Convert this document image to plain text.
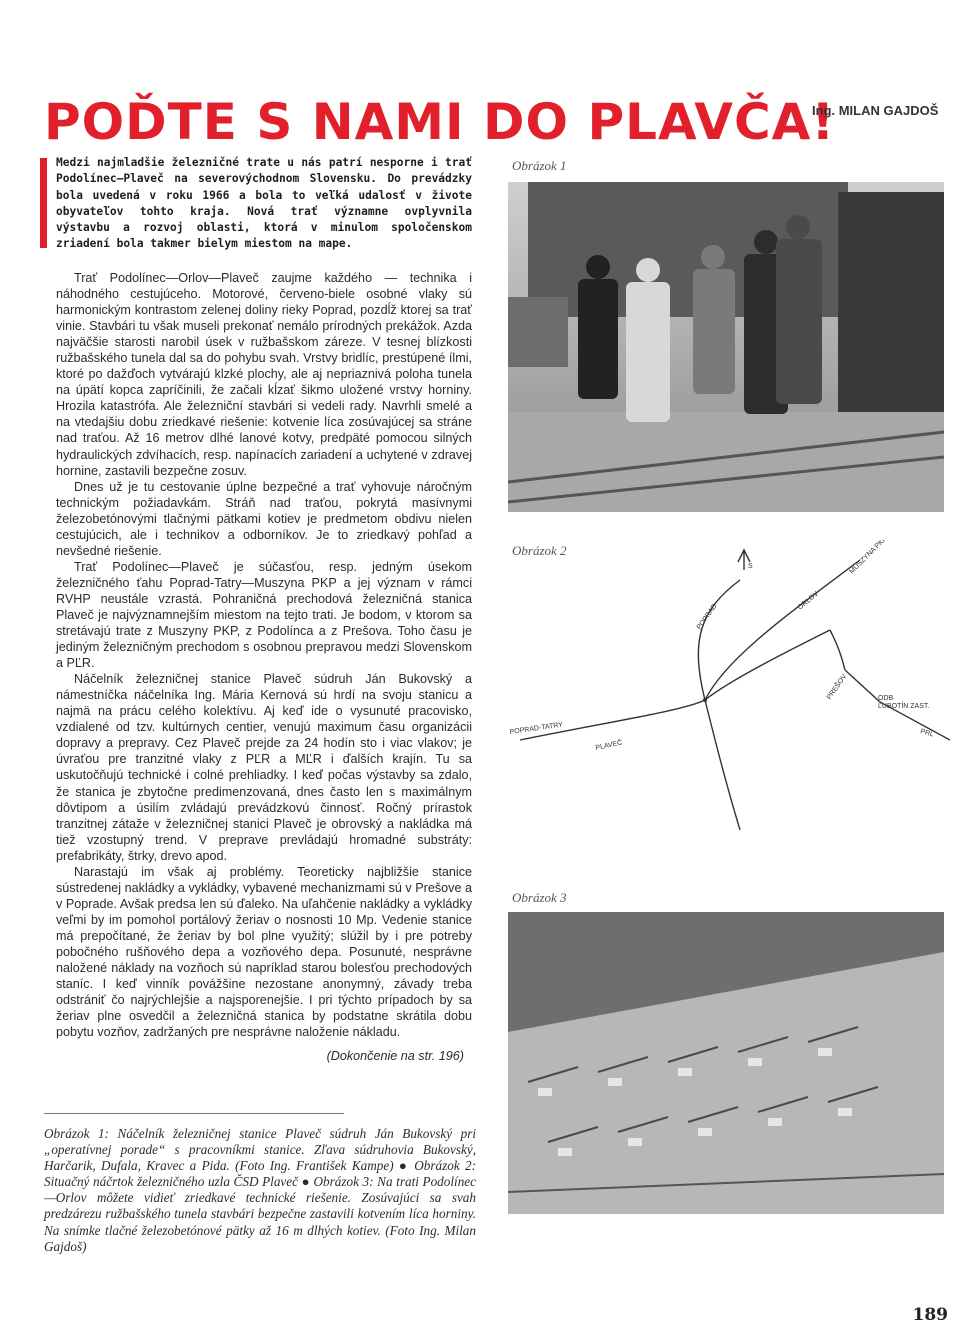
POĎTE S NAMI DO PLAVČA!
Ing. MILAN GAJDOŠ
Medzi najmladšie železničné trate u nás patrí nesporne i trať Podolínec—Plaveč na severovýchodnom Slovensku. Do prevádzky bola uvedená v roku 1966 a bola to veľká udalosť v živote obyvateľov tohto kraja. Nová trať významne ovplyvnila výstavbu a rozvoj oblasti, ktorá v minulom spoločenskom zriadení bola takmer bielym miestom na mape.

Trať Podolínec—Orlov—Plaveč zaujme každého — technika i náhodného cestujúceho. Motorové, červeno-biele osobné vlaky sú harmonickým kontrastom zelenej doliny rieky Poprad, pozdĺž ktorej sa trať vinie. Stavbári tu však museli prekonať nemálo prírodných prekážok. Azda najväčšie starosti narobil úsek v ružbašskom zárezе. V tesnej blízkosti ružbašského tunela dal sa do pohybu svah. Vrstvy bridlíc, prestúpené ílmi, ktoré po dažďoch vytvárajú klzké plochy, ale aj nepriaznivá poloha tunela na úpätí kopca zapríčinili, že začali kĺzať šikmo uložené vrstvy horniny. Hrozila katastrófa. Ale železniční stavbári si vedeli rady. Navrhli smelé a na vtedajšiu dobu zriedkavé riešenie: kotvenie líca zosúvajúcej sa stráne nad traťou. Až 16 metrov dlhé lanové kotvy, predpäté pomocou silných hydraulických zdvíhacích, resp. napínacích zariadení a uchytené v zdravej hornine, zastavili bezpečne zosuv.

Dnes už je tu cestovanie úplne bezpečné a trať vyhovuje náročným technickým požiadavkám. Stráň nad traťou, pokrytá masívnymi železobetónovými tlačnými pätkami kotiev je predmetom obdivu nielen cestujúcich, ale i technikov a odborníkov. Je to zriedkavý pohľad a nevšedné riešenie.

Trať Podolínec—Plaveč je súčasťou, resp. jedným úsekom železničného ťahu Poprad-Tatry—Muszyna PKP a jej význam v rámci RVHP neustále vzrastá. Pohraničná prechodová železničná stanica Plaveč je najvýznamnejším miestom na tejto trati. Je bodom, v ktorom sa stretávajú trate z Muszyny PKP, z Podolínca a z Prešova. Toho času je jediným železničným prechodom s osobnou prepravou medzi Slovenskom a PĽR.

Náčelník železničnej stanice Plaveč súdruh Ján Bukovský a námestníčka náčelníka Ing. Mária Kernová sú hrdí na svoju stanicu a najmä na prácu celého kolektívu. Aj keď ide o vysunuté pracovisko, vzdialené od tzv. kultúrnych centier, venujú maximum času organizácii dopravy a prepravy. Cez Plaveč prejde za 24 hodín sto i viac vlakov; je úvraťou pre tranzitné vlaky z PĽR a MĽR i ďalších krajín. Tu sa uskutočňujú technické i colné prehliadky. I keď počas výstavby sa zdalo, že stanica je zbytočne predimenzovaná, dnes často len s maximálnym dôvtipom a úsilím zvládajú prevádzkovú činnosť. Ročný prírastok tranzitnej zátaže v železničnej stanici Plaveč je obrovský a nakládka má tiež vzostupný trend. V preprave prevládajú hromadné substráty: prefabrikáty, štrky, drevo apod.

Narastajú im však aj problémy. Teoreticky najbližšie stanice sústredenej nakládky a vykládky, vybavené mechanizmami sú v Prešove a v Poprade. Avšak predsa len sú ďaleko. Na uľahčenie nakládky a vykládky veľmi by im pomohol portálový žeriav o nosnosti 10 Mp. Vedenie stanice má prepočítané, že žeriav by bol plne využitý; slúžil by i pre potreby pobočného rušňového depa a vozňového depa. Posunuté, nesprávne naložené náklady na vozňoch sú napríklad starou bolesťou prechodových staníc. I keď vinník povážšine nezostane anonymný, závady treba odstrániť čo najrýchlejšie a najsporenejšie. I pri týchto prípadoch by sa žeriav plne osvedčil a železničná stanica by podstatne skrátila dobu pobytu vozňov, zadržaných pre nesprávne naloženie nákladu.

(Dokončenie na str. 196)

Obrázok 1
Obrázok 2
S	MUSZYNA PKP
POPRAD
ORLOV
PREŠOV	ODB
ĽUBOTÍN ZAST.
POPRAD-TATRY
PLAVEČ
PRL
Obrázok 3
Obrázok 1: Náčelník železničnej stanice Plaveč súdruh Ján Bukovský pri „operatívnej porade“ s pracovníkmi stanice. Zľava súdruhovia Bukovský, Harčarik, Dufala, Kravec a Pida. (Foto Ing. František Kampe) ● Obrázok 2: Situačný náčrtok železničného uzla ČSD Plaveč ● Obrázok 3: Na trati Podolínec—Orlov môžete vidieť zriedkavé technické riešenie. Zosúvajúci sa svah predzárezu ružbašského tunela stavbári bezpečne zastavili kotvením líca horniny. Na snímke tlačné železobetónové pätky až 16 m dlhých kotiev. (Foto Ing. Milan Gajdoš)
189
